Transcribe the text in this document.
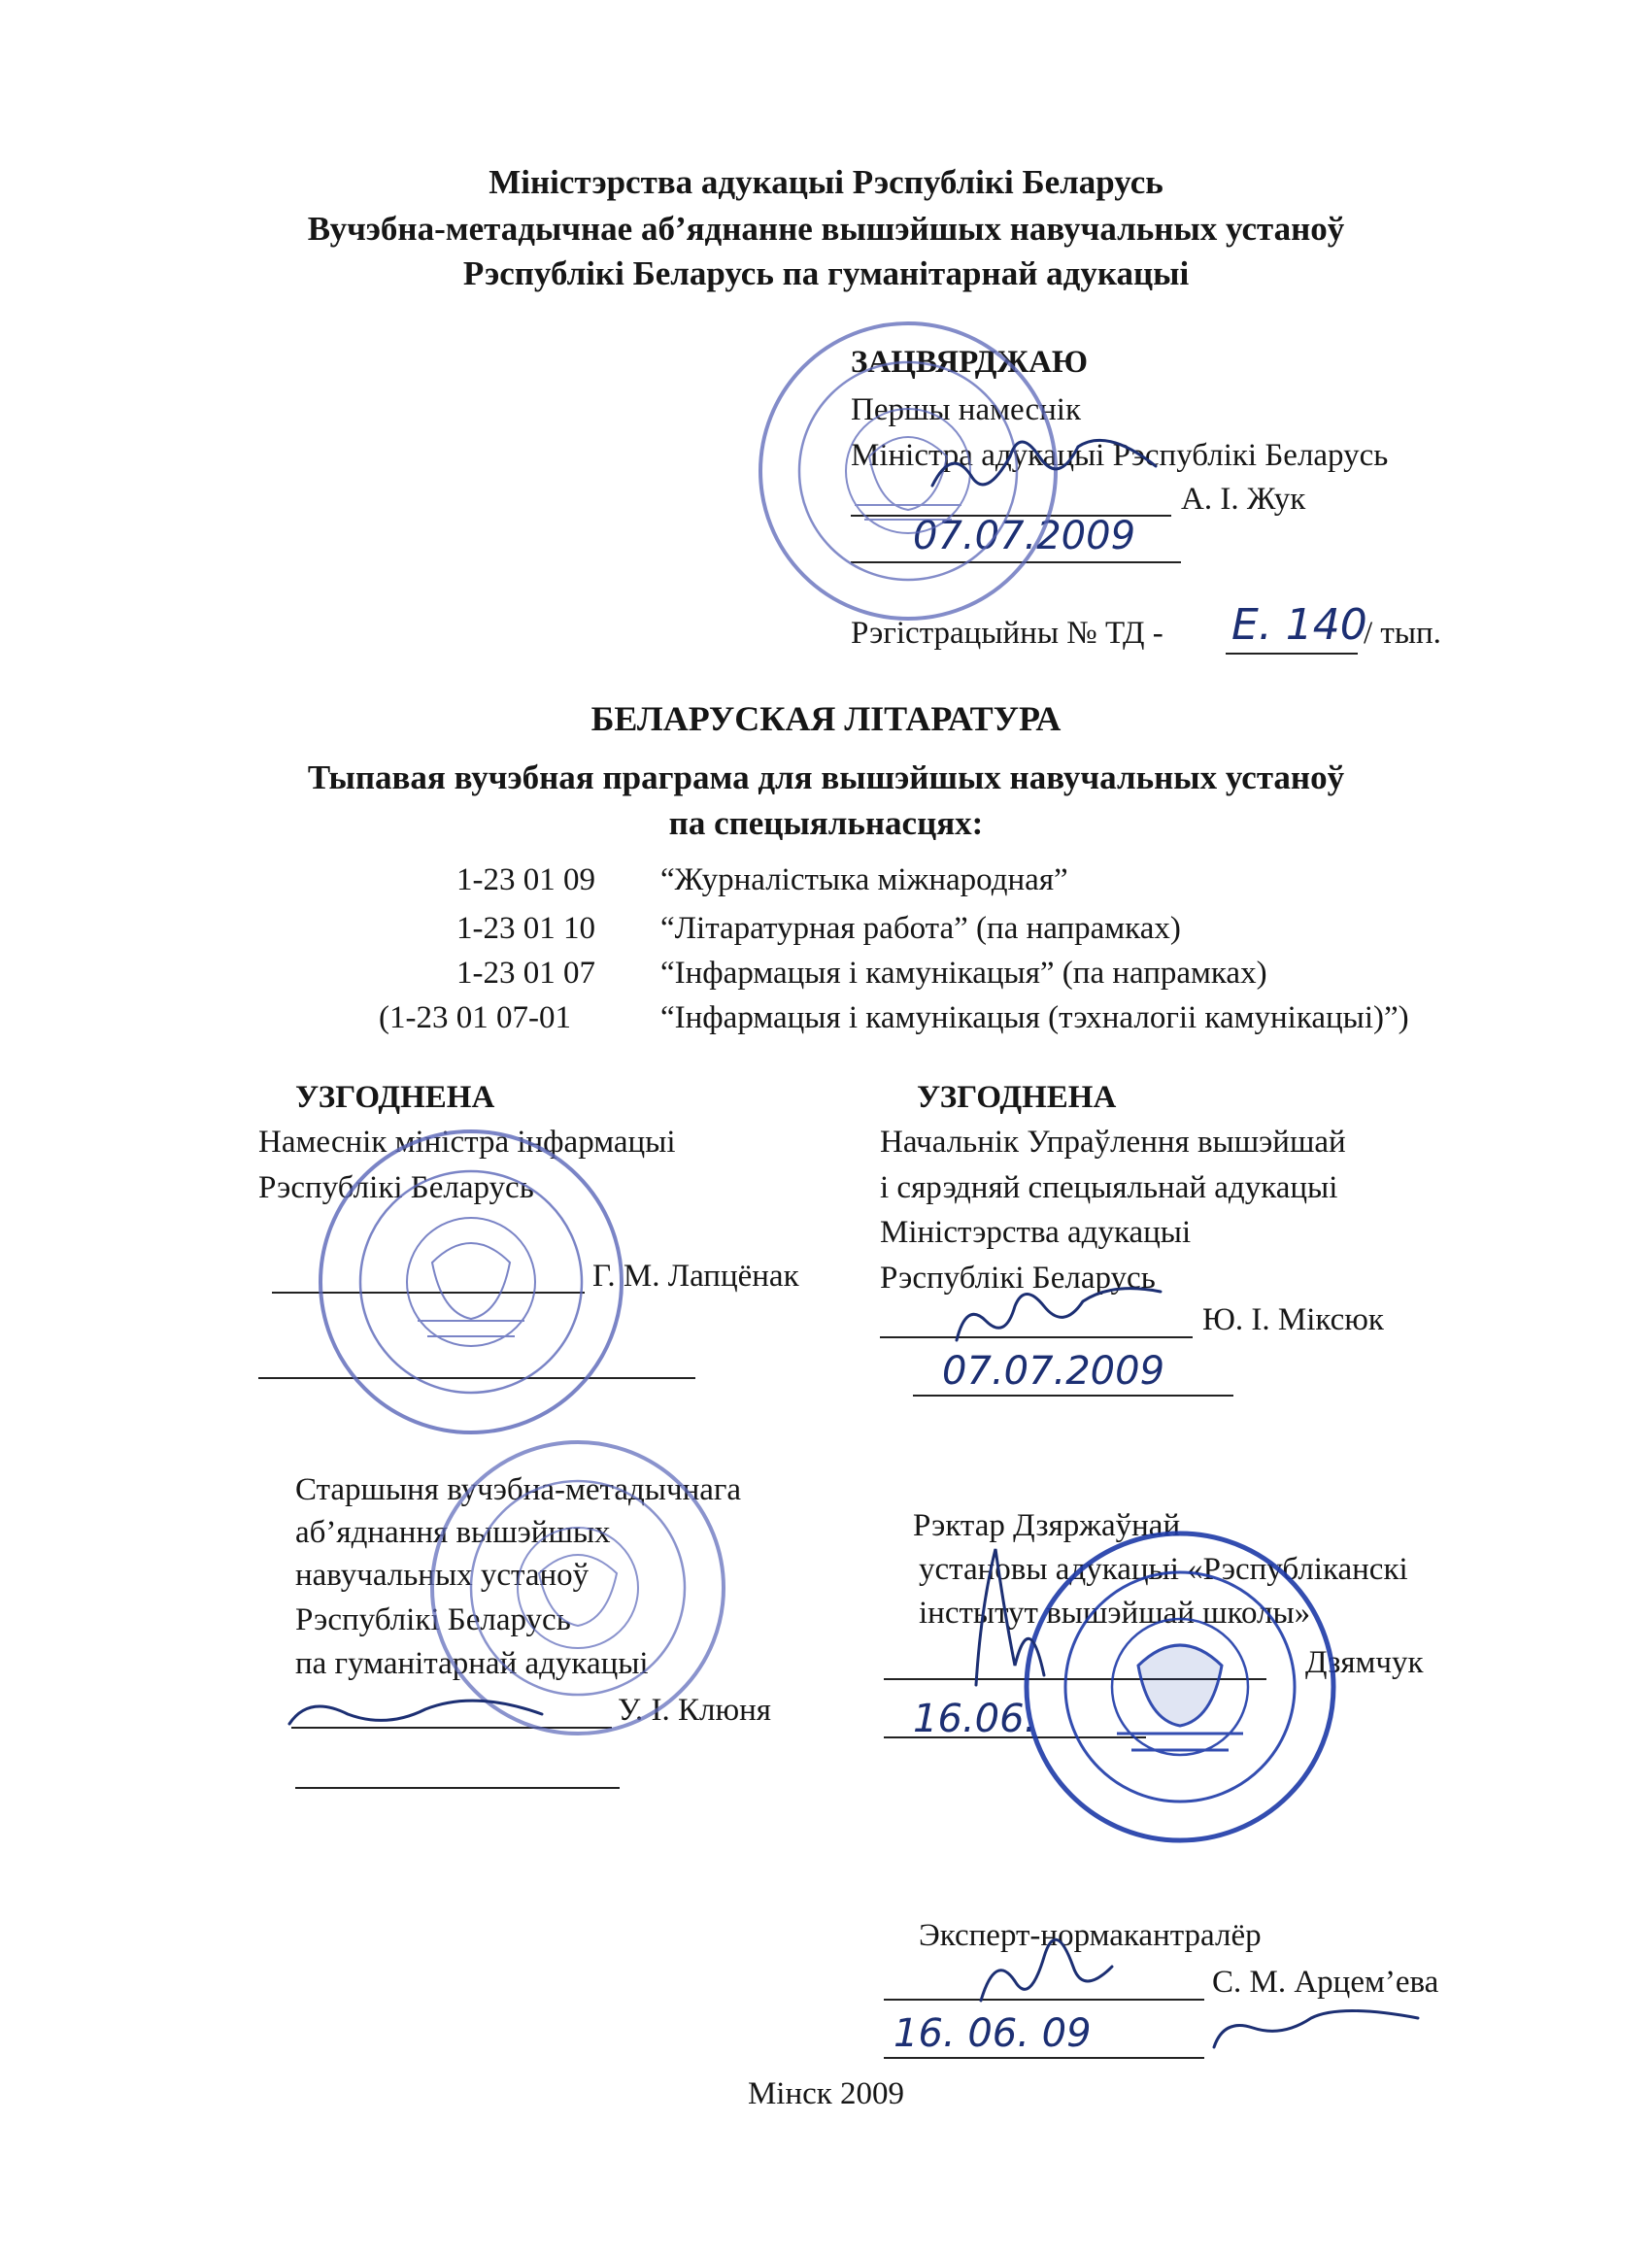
Міністэрства адукацыі Рэспублікі Беларусь
Вучэбна-метадычнае аб’яднанне вышэйшых навучальных устаноў
Рэспублікі Беларусь па гуманітарнай адукацыі
ЗАЦВЯРДЖАЮ
Першы намеснік
Міністра адукацыі Рэспублікі Беларусь
А. І. Жук
07.07.2009
Рэгістрацыйны № ТД - Е. 140
/ тып.
БЕЛАРУСКАЯ ЛІТАРАТУРА
Тыпавая вучэбная праграма для вышэйшых навучальных устаноў
па спецыяльнасцях:
1-23 01 09 “Журналістыка міжнародная”
1-23 01 10 “Літаратурная работа” (па напрамках)
1-23 01 07 “Інфармацыя і камунікацыя” (па напрамках)
(1-23 01 07-01	“Інфармацыя і камунікацыя (тэхналогіі камунікацыі)”)
УЗГОДНЕНА
Намеснік міністра інфармацыі
Рэспублікі Беларусь
Г. М. Лапцёнак
УЗГОДНЕНА
Начальнік Упраўлення вышэйшай
і сярэдняй спецыяльнай адукацыі
Міністэрства адукацыі
Рэспублікі Беларусь
Ю. І. Міксюк
07.07.2009
Старшыня вучэбна-метадычнага
аб’яднання вышэйшых
навучальных устаноў
Рэспублікі Беларусь
па гуманітарнай адукацыі
У. І. Клюня
Рэктар Дзяржаўнай
установы адукацыі «Рэспубліканскі
інстытут вышэйшай школы»
Дзямчук
16.06.
Эксперт-нормакантралёр
С. М. Арцем’ева
16. 06. 09
Мінск 2009
